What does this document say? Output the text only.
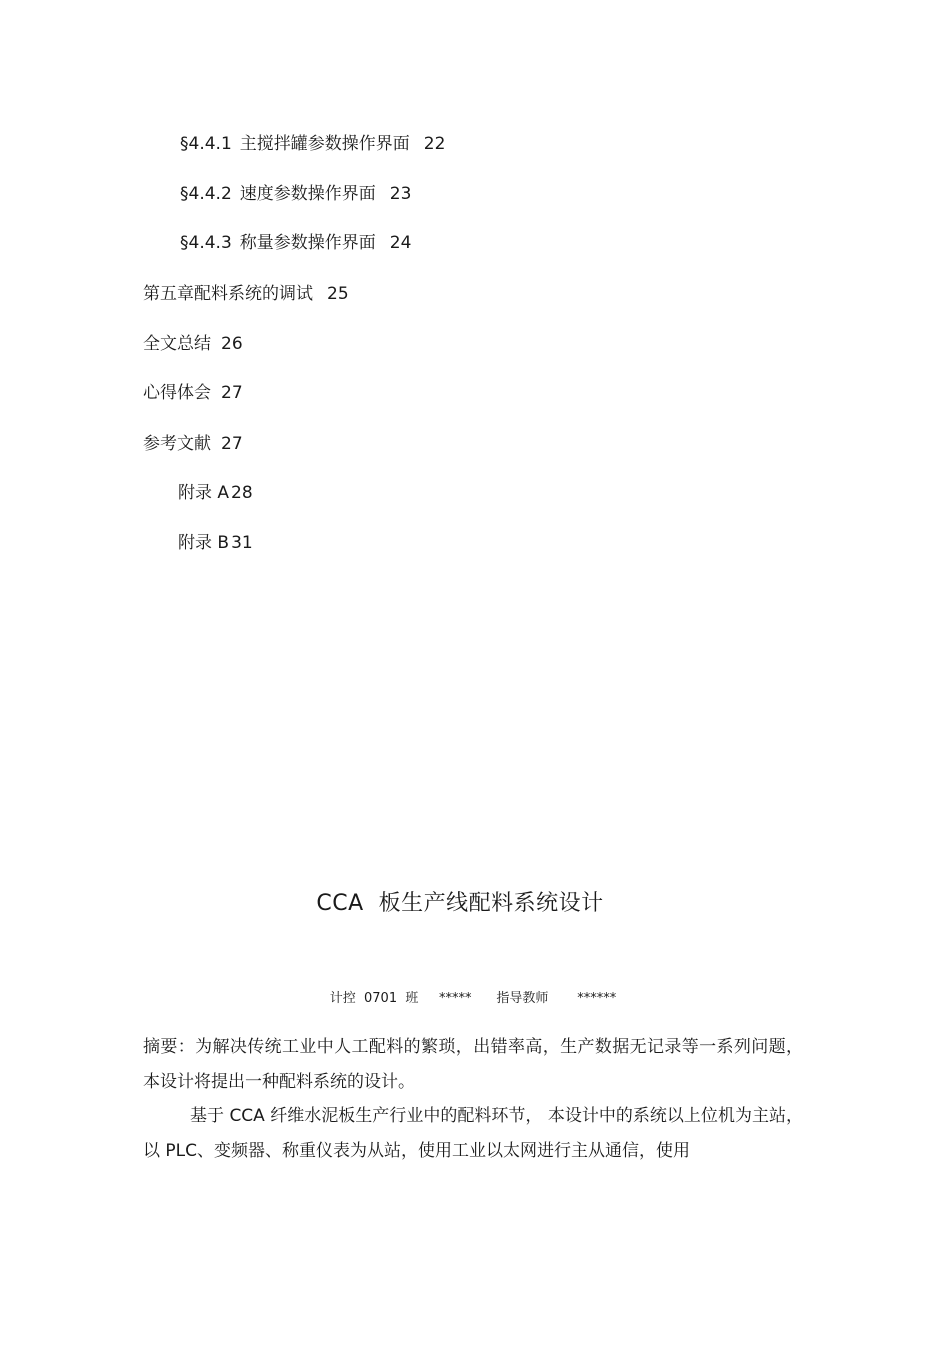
§4.4.1 主搅拌罐参数操作界面 22
§4.4.2 速度参数操作界面 23
§4.4.3 称量参数操作界面 24
第五章配料系统的调试 25
全文总结 26
心得体会 27
参考文献 27
附录 A 28
附录 B 31
CCA  板生产线配料系统设计
计控  0701  班     *****      指导教师       ******
摘要：为解决传统工业中人工配料的繁琐，出错率高，生产数据无记录等一系列问题，本设计将提出一种配料系统的设计。
基于 CCA 纤维水泥板生产行业中的配料环节， 本设计中的系统以上位机为主站，以 PLC、变频器、称重仪表为从站，使用工业以太网进行主从通信，使用
